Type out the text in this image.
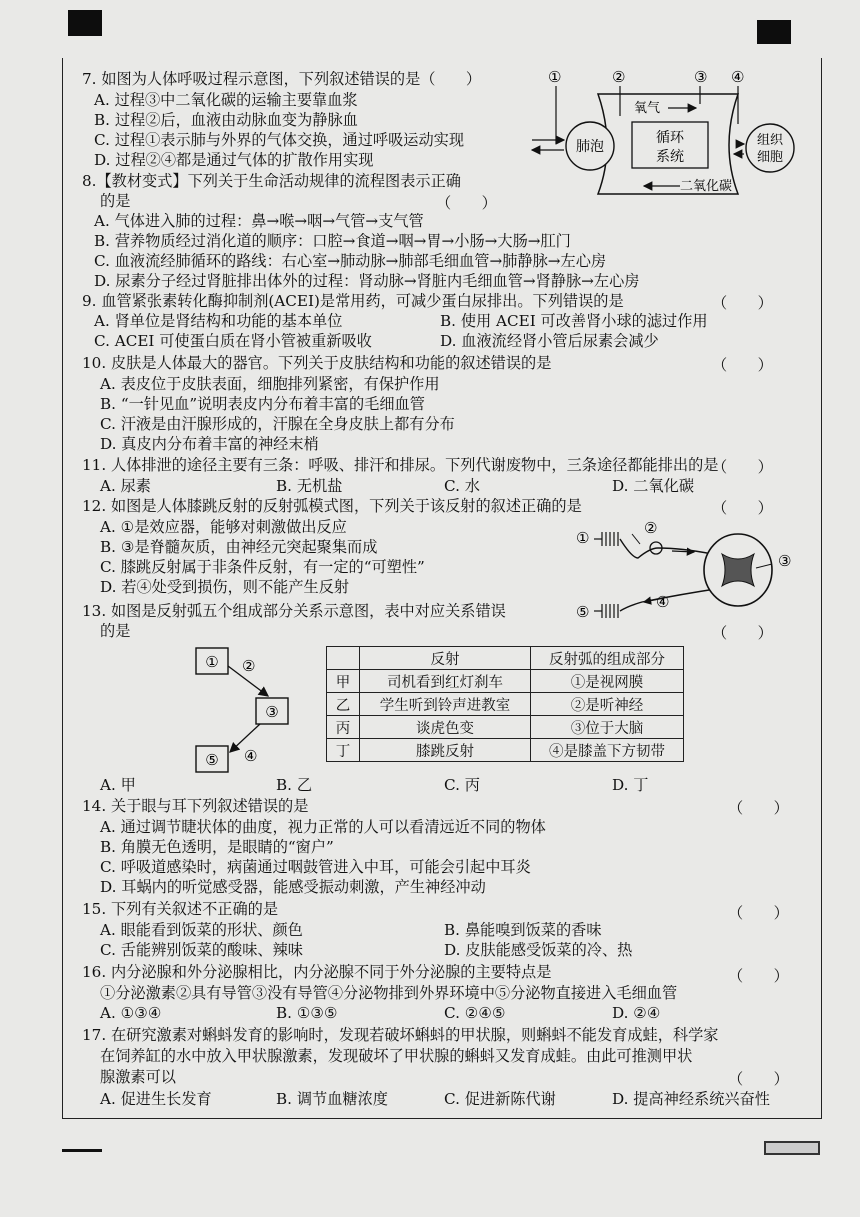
7. 如图为人体呼吸过程示意图，下列叙述错误的是（　　）
A. 过程③中二氧化碳的运输主要靠血浆
B. 过程②后，血液由动脉血变为静脉血
C. 过程①表示肺与外界的气体交换，通过呼吸运动实现
D. 过程②④都是通过气体的扩散作用实现
①	②	③ ④
循环
系统
氧气
二氧化碳
肺泡	组织
细胞
8.【教材变式】下列关于生命活动规律的流程图表示正确
的是	（　　）
A. 气体进入肺的过程：鼻→喉→咽→气管→支气管
B. 营养物质经过消化道的顺序：口腔→食道→咽→胃→小肠→大肠→肛门
C. 血液流经肺循环的路线：右心室→肺动脉→肺部毛细血管→肺静脉→左心房
D. 尿素分子经过肾脏排出体外的过程：肾动脉→肾脏内毛细血管→肾静脉→左心房
9. 血管紧张素转化酶抑制剂(ACEI)是常用药，可减少蛋白尿排出。下列错误的是	（　　）
A. 肾单位是肾结构和功能的基本单位	B. 使用 ACEI 可改善肾小球的滤过作用
C. ACEI 可使蛋白质在肾小管被重新吸收	D. 血液流经肾小管后尿素会减少
10. 皮肤是人体最大的器官。下列关于皮肤结构和功能的叙述错误的是	（　　）
A. 表皮位于皮肤表面，细胞排列紧密，有保护作用
B. “一针见血”说明表皮内分布着丰富的毛细血管
C. 汗液是由汗腺形成的，汗腺在全身皮肤上都有分布
D. 真皮内分布着丰富的神经末梢
11. 人体排泄的途径主要有三条：呼吸、排汗和排尿。下列代谢废物中，三条途径都能排出的是
（　　）
A. 尿素	B. 无机盐	C. 水	D. 二氧化碳
12. 如图是人体膝跳反射的反射弧模式图，下列关于该反射的叙述正确的是	（　　）
A. ①是效应器，能够对刺激做出反应
B. ③是脊髓灰质，由神经元突起聚集而成
C. 膝跳反射属于非条件反射，有一定的“可塑性”
D. 若④处受到损伤，则不能产生反射
①
②
③
④
⑤
13. 如图是反射弧五个组成部分关系示意图，表中对应关系错误
的是	（　　）
①
③
⑤
②
④
	反射	反射弧的组成部分
甲	司机看到红灯刹车	①是视网膜
乙	学生听到铃声进教室	②是听神经
丙	谈虎色变	③位于大脑
丁	膝跳反射	④是膝盖下方韧带
A. 甲	B. 乙	C. 丙	D. 丁
14. 关于眼与耳下列叙述错误的是	（　　）
A. 通过调节睫状体的曲度，视力正常的人可以看清远近不同的物体
B. 角膜无色透明，是眼睛的“窗户”
C. 呼吸道感染时，病菌通过咽鼓管进入中耳，可能会引起中耳炎
D. 耳蜗内的听觉感受器，能感受振动刺激，产生神经冲动
15. 下列有关叙述不正确的是	（　　）
A. 眼能看到饭菜的形状、颜色	B. 鼻能嗅到饭菜的香味
C. 舌能辨别饭菜的酸味、辣味	D. 皮肤能感受饭菜的冷、热
16. 内分泌腺和外分泌腺相比，内分泌腺不同于外分泌腺的主要特点是	（　　）
①分泌激素②具有导管③没有导管④分泌物排到外界环境中⑤分泌物直接进入毛细血管
A. ①③④	B. ①③⑤	C. ②④⑤	D. ②④
17. 在研究激素对蝌蚪发育的影响时，发现若破坏蝌蚪的甲状腺，则蝌蚪不能发育成蛙，科学家
在饲养缸的水中放入甲状腺激素，发现破坏了甲状腺的蝌蚪又发育成蛙。由此可推测甲状
腺激素可以	（　　）
A. 促进生长发育	B. 调节血糖浓度	C. 促进新陈代谢	D. 提高神经系统兴奋性
